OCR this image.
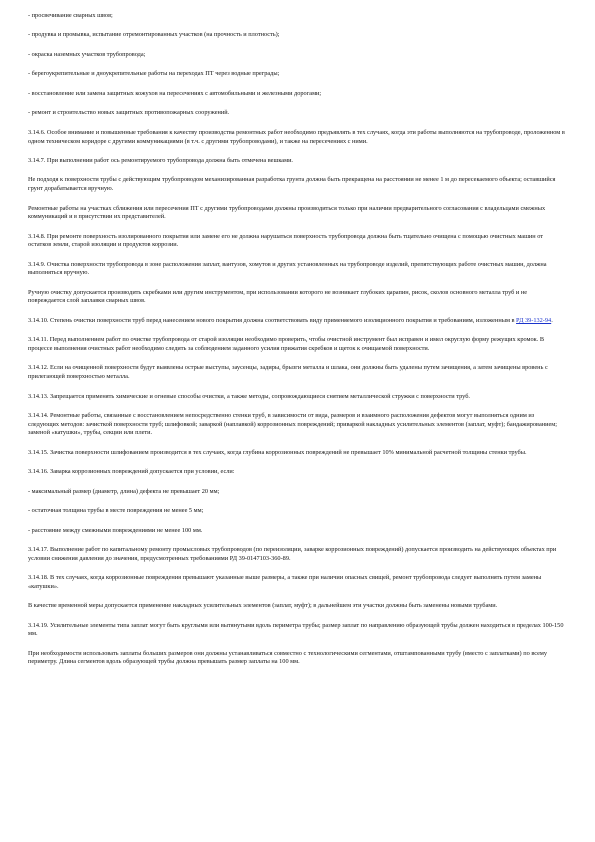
- просвечивание сварных швов;

- продувка и промывка, испытание отремонтированных участков (на прочность и плотность);

- окраска наземных участков трубопровода;

- берегоукрепительные и дноукрепительные работы на переходах ПТ через водные преграды;

- восстановление или замена защитных кожухов на пересечениях с автомобильными и железными дорогами;

- ремонт и строительство новых защитных противопожарных сооружений.

3.14.6. Особое внимание и повышенные требования к качеству производства ремонтных работ необходимо предъявлять в тех случаях, когда эти работы выполняются на трубопроводе, проложенном в одном техническом коридоре с другими коммуникациями (в т.ч. с другими трубопроводами), и также на пересечениях с ними.

3.14.7. При выполнении работ ось ремонтируемого трубопровода должна быть отмечена вешками.

Не подходя к поверхности трубы с действующим трубопроводом механизированная разработка грунта должна быть прекращена на расстоянии не менее 1 м до пересекаемого объекта; оставшийся грунт дорабатывается вручную.

Ремонтные работы на участках сближения или пересечения ПТ с другими трубопроводами должны производиться только при наличии предварительного согласования с владельцами смежных коммуникаций и в присутствии их представителей.

3.14.8. При ремонте поверхность изолированного покрытия или замене его не должна нарушаться поверхность трубопровода должна быть тщательно очищена с помощью очистных машин от остатков земли, старой изоляции и продуктов коррозии.

3.14.9. Очистка поверхности трубопровода в зоне расположения заплат, вантузов, хомутов и других установленных на трубопроводе изделий, препятствующих работе очистных машин, должна выполняться вручную.

Ручную очистку допускается производить скребками или другим инструментом, при использовании которого не возникает глубоких царапин, рисок, сколов основного металла труб и не повреждается слой заплавки сварных швов.

3.14.10. Степень очистки поверхности труб перед нанесением нового покрытия должна соответствовать виду применяемого изоляционного покрытия и требованиям, изложенным в РД 39-132-94.

3.14.11. Перед выполнением работ по очистке трубопровода от старой изоляции необходимо проверить, чтобы очистной инструмент был исправен и имел округлую форму режущих кромок. В процессе выполнения очистных работ необходимо следить за соблюдением заданного усилия прижатия скребков и щеток к очищаемой поверхности.

3.14.12. Если на очищенной поверхности будут выявлены острые выступы, заусенцы, задиры, брызги металла и шлака, они должны быть удалены путем зачищения, а затем зачищены вровень с прилегающей поверхностью металла.

3.14.13. Запрещается применять химические и огневые способы очистки, а также методы, сопровождающиеся снятием металлической стружки с поверхности труб.

3.14.14. Ремонтные работы, связанные с восстановлением непосредственно стенки труб, в зависимости от вида, размеров и взаимного расположения дефектов могут выполняться одним из следующих методов: зачисткой поверхности труб; шлифовкой; заваркой (наплавкой) коррозионных повреждений; приваркой накладных усилительных элементов (заплат, муфт); бандажированием; заменой «катушки», трубы, секции или плети.

3.14.15. Зачистка поверхности шлифованием производится в тех случаях, когда глубина коррозионных повреждений не превышает 10% минимальной расчетной толщины стенки трубы.

3.14.16. Заварка коррозионных повреждений допускается при условии, если:

- максимальный размер (диаметр, длина) дефекта не превышает 20 мм;

- остаточная толщина трубы в месте повреждения не менее 5 мм;

- расстояние между смежными повреждениями не менее 100 мм.

3.14.17. Выполнение работ по капитальному ремонту промысловых трубопроводов (по переизоляции, заварке коррозионных повреждений) допускается производить на действующих объектах при условии снижения давления до значения, предусмотренных требованиями РД 39-0147103-360-89.

3.14.18. В тех случаях, когда коррозионные повреждения превышают указанные выше размеры, а также при наличии опасных свищей, ремонт трубопровода следует выполнять путем замены «катушки».

В качестве временной меры допускается применение накладных усилительных элементов (заплат, муфт); в дальнейшем эти участки должны быть заменены новыми трубами.

3.14.19. Усилительные элементы типа заплат могут быть круглыми или вытянутыми вдоль периметра трубы; размер заплат по направлению образующей трубы должен находиться в пределах 100-150 мм.

При необходимости использовать заплаты больших размеров они должны устанавливаться совместно с технологическими сегментами, отштампованными трубу (вместо с заплатками) по всему периметру. Длина сегментов вдоль образующей трубы должна превышать размер заплаты на 100 мм.
